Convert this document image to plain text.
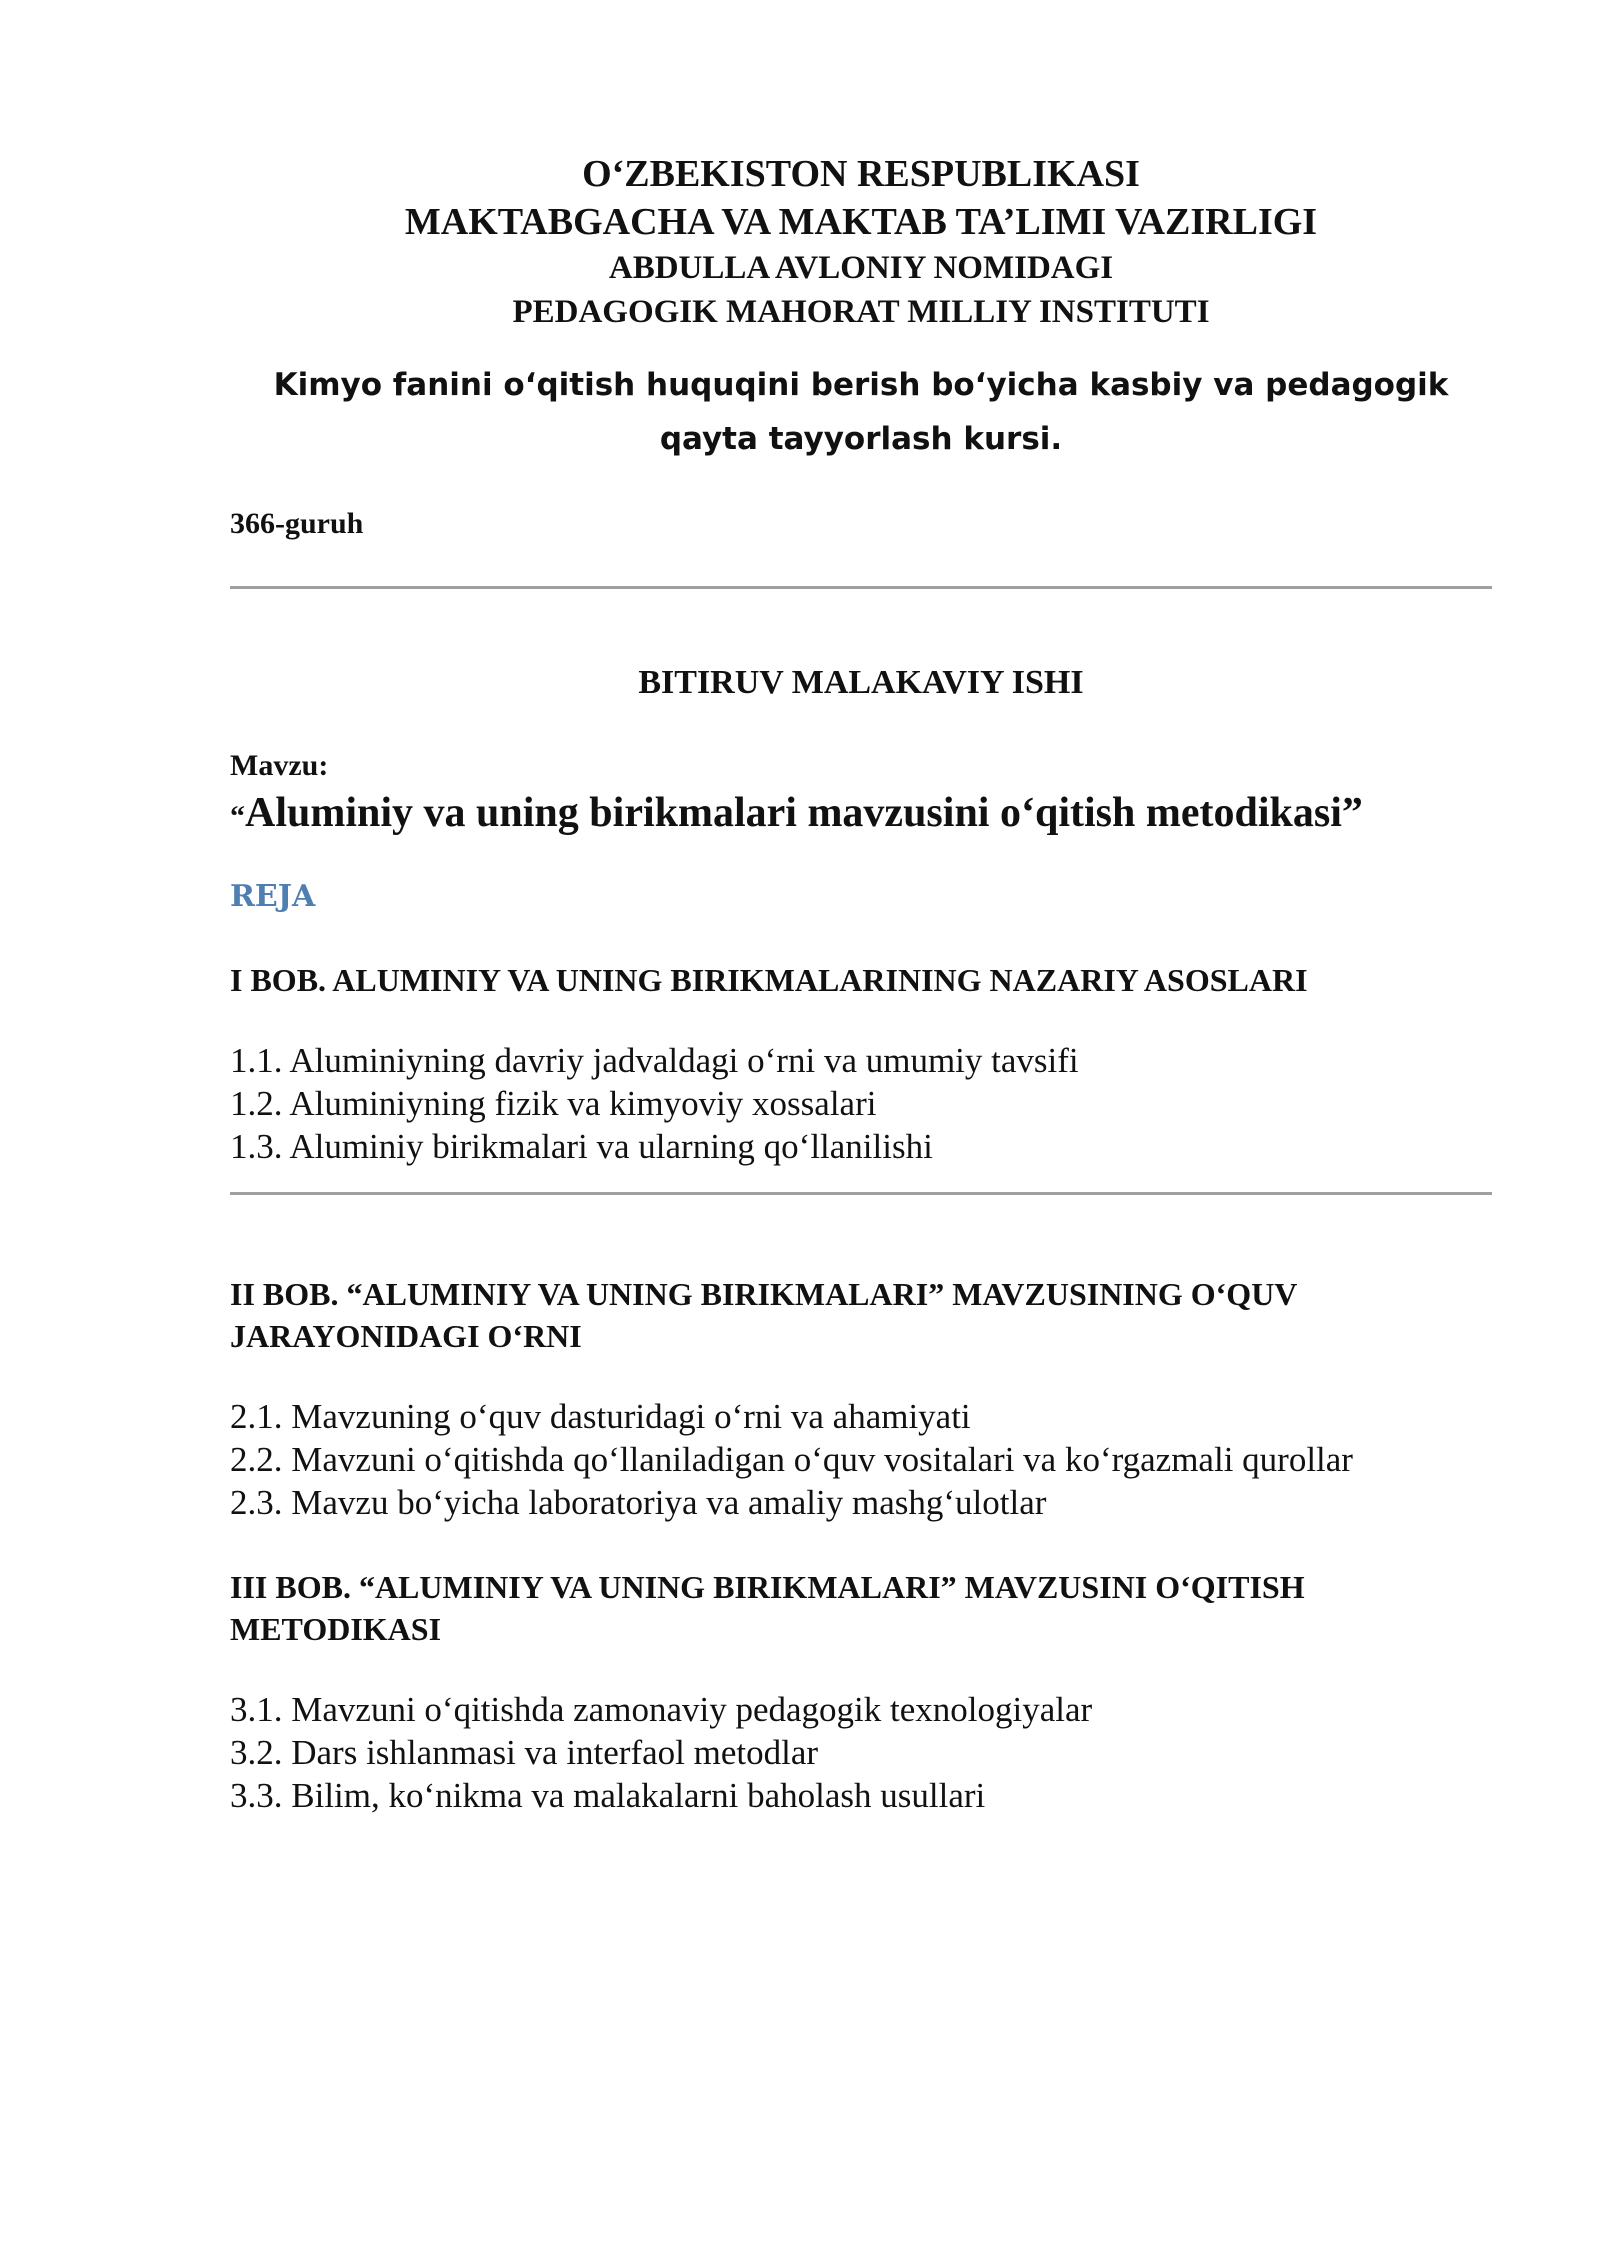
O‘ZBEKISTON RESPUBLIKASI

MAKTABGACHA VA MAKTAB TA’LIMI VAZIRLIGI

ABDULLA AVLONIY NOMIDAGI

PEDAGOGIK MAHORAT MILLIY INSTITUTI

Kimyo fanini o‘qitish huquqini berish bo‘yicha kasbiy va pedagogik qayta tayyorlash kursi.

366-guruh

BITIRUV MALAKAVIY ISHI

Mavzu:

“Aluminiy va uning birikmalari mavzusini o‘qitish metodikasi”

REJA

I BOB. ALUMINIY VA UNING BIRIKMALARINING NAZARIY ASOSLARI

1.1. Aluminiyning davriy jadvaldagi o‘rni va umumiy tavsifi
1.2. Aluminiyning fizik va kimyoviy xossalari
1.3. Aluminiy birikmalari va ularning qo‘llanilishi

II BOB. “ALUMINIY VA UNING BIRIKMALARI” MAVZUSINING O‘QUV JARAYONIDAGI O‘RNI

2.1. Mavzuning o‘quv dasturidagi o‘rni va ahamiyati
2.2. Mavzuni o‘qitishda qo‘llaniladigan o‘quv vositalari va ko‘rgazmali qurollar
2.3. Mavzu bo‘yicha laboratoriya va amaliy mashg‘ulotlar

III BOB. “ALUMINIY VA UNING BIRIKMALARI” MAVZUSINI O‘QITISH METODIKASI

3.1. Mavzuni o‘qitishda zamonaviy pedagogik texnologiyalar
3.2. Dars ishlanmasi va interfaol metodlar
3.3. Bilim, ko‘nikma va malakalarni baholash usullari
